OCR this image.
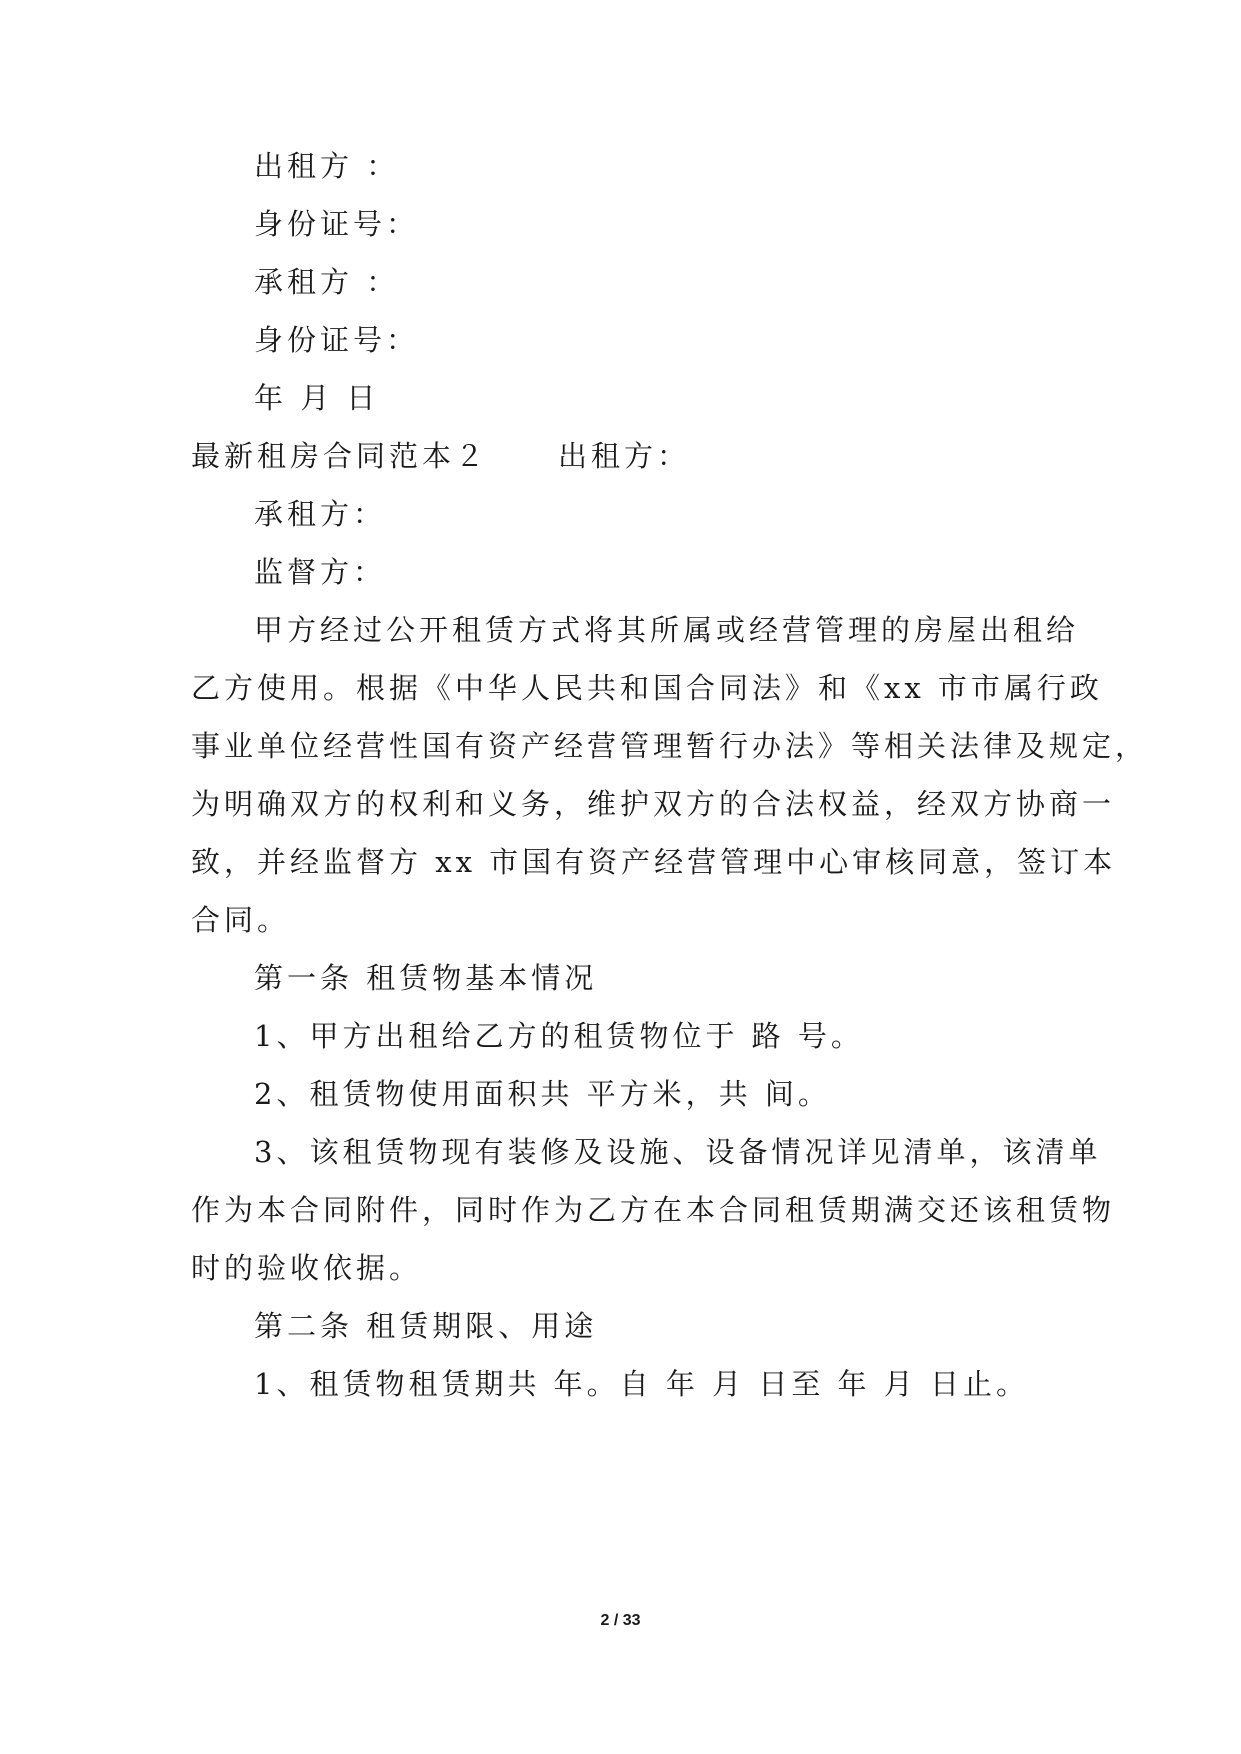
出租方 ：

身份证号：

承租方 ：

身份证号：

年 月 日

最新租房合同范本２ 出租方：

承租方：

监督方：

甲方经过公开租赁方式将其所属或经营管理的房屋出租给

乙方使用。根据《中华人民共和国合同法》和《xx 市市属行政

事业单位经营性国有资产经营管理暂行办法》等相关法律及规定，

为明确双方的权利和义务，维护双方的合法权益，经双方协商一

致，并经监督方 xx 市国有资产经营管理中心审核同意，签订本

合同。

第一条 租赁物基本情况

1、甲方出租给乙方的租赁物位于 路 号。

2、租赁物使用面积共 平方米，共 间。

3、该租赁物现有装修及设施、设备情况详见清单，该清单

作为本合同附件，同时作为乙方在本合同租赁期满交还该租赁物

时的验收依据。

第二条 租赁期限、用途

1、租赁物租赁期共 年。自 年 月 日至 年 月 日止。

2 / 33
